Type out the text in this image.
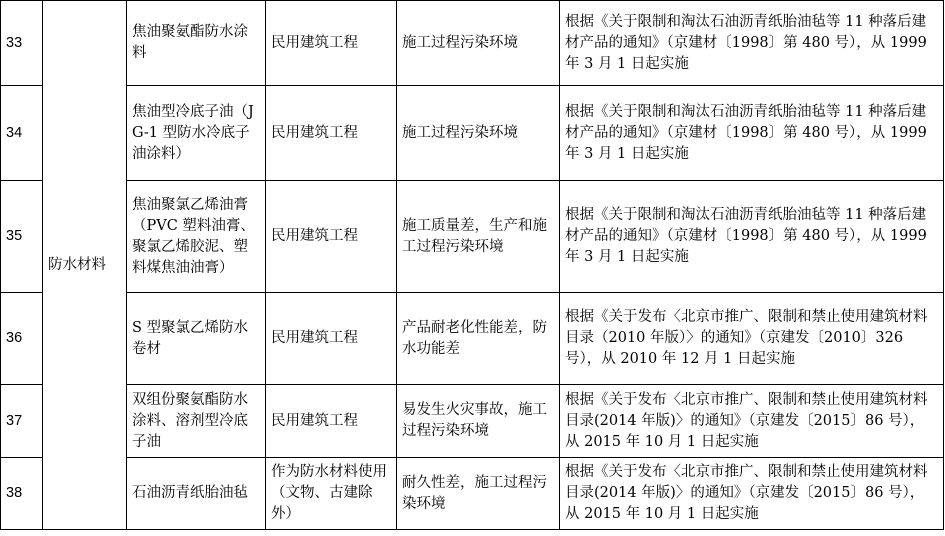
33	防水材料	焦油聚氨酯防水涂料	民用建筑工程	施工过程污染环境	根据《关于限制和淘汰石油沥青纸胎油毡等 11 种落后建材产品的通知》（京建材〔1998〕第 480 号），从 1999 年 3 月 1 日起实施
34		焦油型冷底子油（JG-1 型防水冷底子油涂料）	民用建筑工程	施工过程污染环境	根据《关于限制和淘汰石油沥青纸胎油毡等 11 种落后建材产品的通知》（京建材〔1998〕第 480 号），从 1999 年 3 月 1 日起实施
35		焦油聚氯乙烯油膏（PVC 塑料油膏、聚氯乙烯胶泥、塑料煤焦油油膏）	民用建筑工程	施工质量差，生产和施工过程污染环境	根据《关于限制和淘汰石油沥青纸胎油毡等 11 种落后建材产品的通知》（京建材〔1998〕第 480 号），从 1999 年 3 月 1 日起实施
36		S 型聚氯乙烯防水卷材	民用建筑工程	产品耐老化性能差，防水功能差	根据《关于发布〈北京市推广、限制和禁止使用建筑材料目录（2010 年版）〉的通知》（京建发〔2010〕326 号），从 2010 年 12 月 1 日起实施
37		双组份聚氨酯防水涂料、溶剂型冷底子油	民用建筑工程	易发生火灾事故，施工过程污染环境	根据《关于发布〈北京市推广、限制和禁止使用建筑材料目录(2014 年版)〉的通知》（京建发〔2015〕86 号），从 2015 年 10 月 1 日起实施
38		石油沥青纸胎油毡	作为防水材料使用（文物、古建除外）	耐久性差，施工过程污染环境	根据《关于发布〈北京市推广、限制和禁止使用建筑材料目录(2014 年版)〉的通知》（京建发〔2015〕86 号），从 2015 年 10 月 1 日起实施
